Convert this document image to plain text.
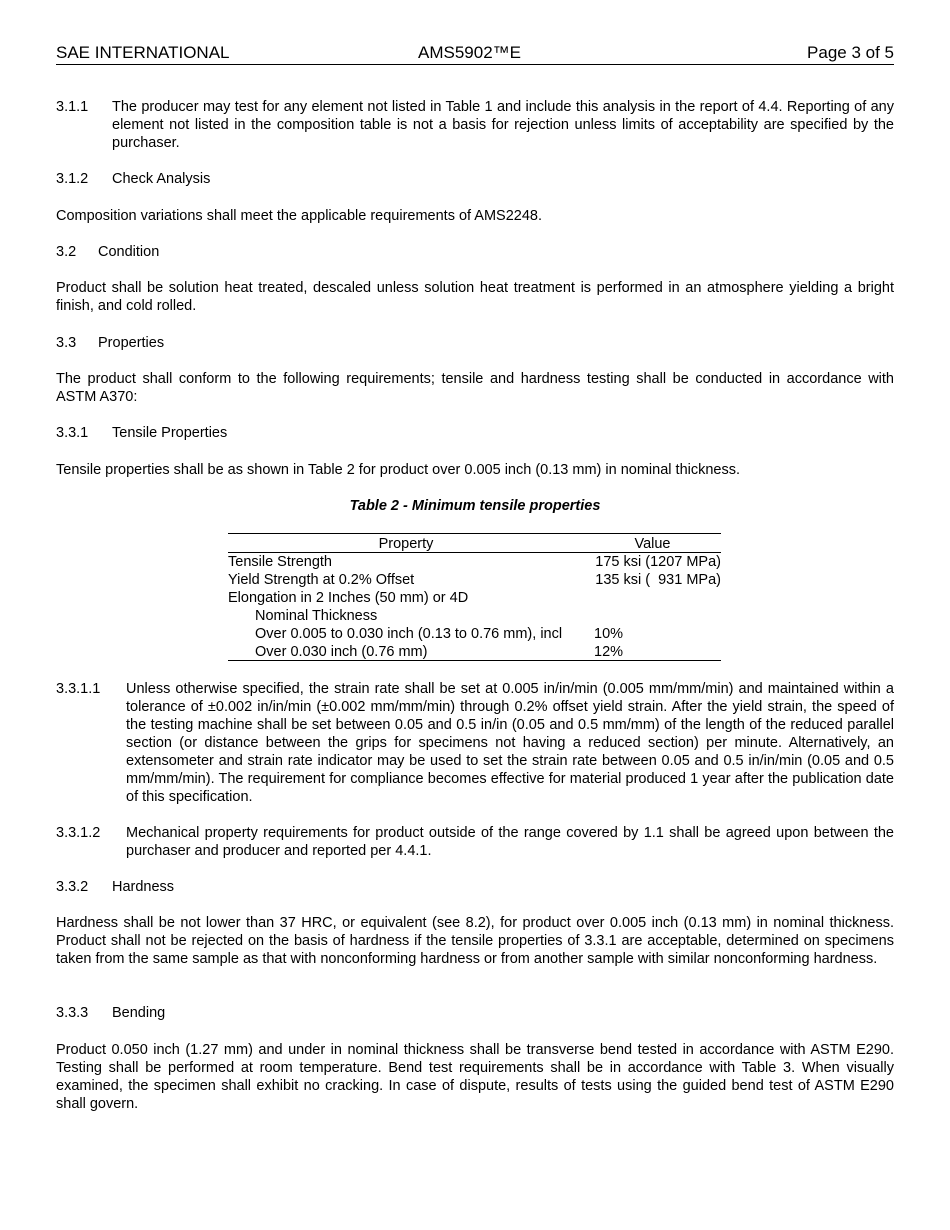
SAE INTERNATIONAL	AMS5902™E	Page 3 of 5
3.1.1 The producer may test for any element not listed in Table 1 and include this analysis in the report of 4.4. Reporting of any element not listed in the composition table is not a basis for rejection unless limits of acceptability are specified by the purchaser.
3.1.2 Check Analysis
Composition variations shall meet the applicable requirements of AMS2248.
3.2 Condition
Product shall be solution heat treated, descaled unless solution heat treatment is performed in an atmosphere yielding a bright finish, and cold rolled.
3.3 Properties
The product shall conform to the following requirements; tensile and hardness testing shall be conducted in accordance with ASTM A370:
3.3.1 Tensile Properties
Tensile properties shall be as shown in Table 2 for product over 0.005 inch (0.13 mm) in nominal thickness.
Table 2 - Minimum tensile properties
Property	Value
Tensile Strength	175 ksi (1207 MPa)
Yield Strength at 0.2% Offset	135 ksi (  931 MPa)
Elongation in 2 Inches (50 mm) or 4D
Nominal Thickness
Over 0.005 to 0.030 inch (0.13 to 0.76 mm), incl 10%
Over 0.030 inch (0.76 mm)	12%
3.3.1.1 Unless otherwise specified, the strain rate shall be set at 0.005 in/in/min (0.005 mm/mm/min) and maintained within a tolerance of ±0.002 in/in/min (±0.002 mm/mm/min) through 0.2% offset yield strain. After the yield strain, the speed of the testing machine shall be set between 0.05 and 0.5 in/in (0.05 and 0.5 mm/mm) of the length of the reduced parallel section (or distance between the grips for specimens not having a reduced section) per minute. Alternatively, an extensometer and strain rate indicator may be used to set the strain rate between 0.05 and 0.5 in/in/min (0.05 and 0.5 mm/mm/min). The requirement for compliance becomes effective for material produced 1 year after the publication date of this specification.
3.3.1.2 Mechanical property requirements for product outside of the range covered by 1.1 shall be agreed upon between the purchaser and producer and reported per 4.4.1.
3.3.2 Hardness
Hardness shall be not lower than 37 HRC, or equivalent (see 8.2), for product over 0.005 inch (0.13 mm) in nominal thickness. Product shall not be rejected on the basis of hardness if the tensile properties of 3.3.1 are acceptable, determined on specimens taken from the same sample as that with nonconforming hardness or from another sample with similar nonconforming hardness.
3.3.3 Bending
Product 0.050 inch (1.27 mm) and under in nominal thickness shall be transverse bend tested in accordance with ASTM E290. Testing shall be performed at room temperature. Bend test requirements shall be in accordance with Table 3. When visually examined, the specimen shall exhibit no cracking. In case of dispute, results of tests using the guided bend test of ASTM E290 shall govern.
